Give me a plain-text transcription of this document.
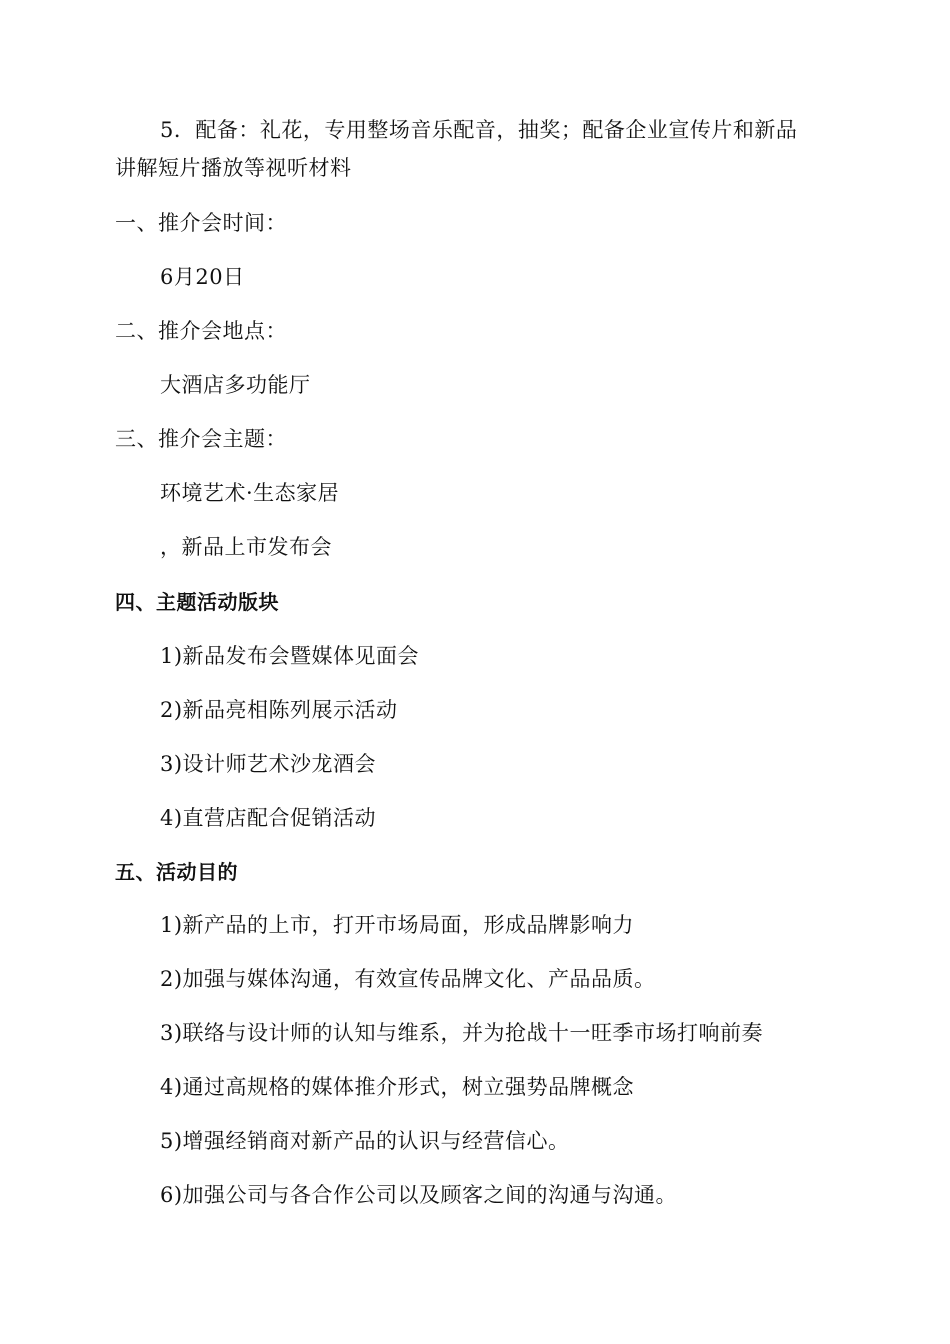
5．配备：礼花，专用整场音乐配音，抽奖；配备企业宣传片和新品
讲解短片播放等视听材料
一、推介会时间：
6月20日
二、推介会地点：
大酒店多功能厅
三、推介会主题：
环境艺术·生态家居
，新品上市发布会
四、主题活动版块
1)新品发布会暨媒体见面会
2)新品亮相陈列展示活动
3)设计师艺术沙龙酒会
4)直营店配合促销活动
五、活动目的
1)新产品的上市，打开市场局面，形成品牌影响力
2)加强与媒体沟通，有效宣传品牌文化、产品品质。
3)联络与设计师的认知与维系，并为抢战十一旺季市场打响前奏
4)通过高规格的媒体推介形式，树立强势品牌概念
5)增强经销商对新产品的认识与经营信心。
6)加强公司与各合作公司以及顾客之间的沟通与沟通。
